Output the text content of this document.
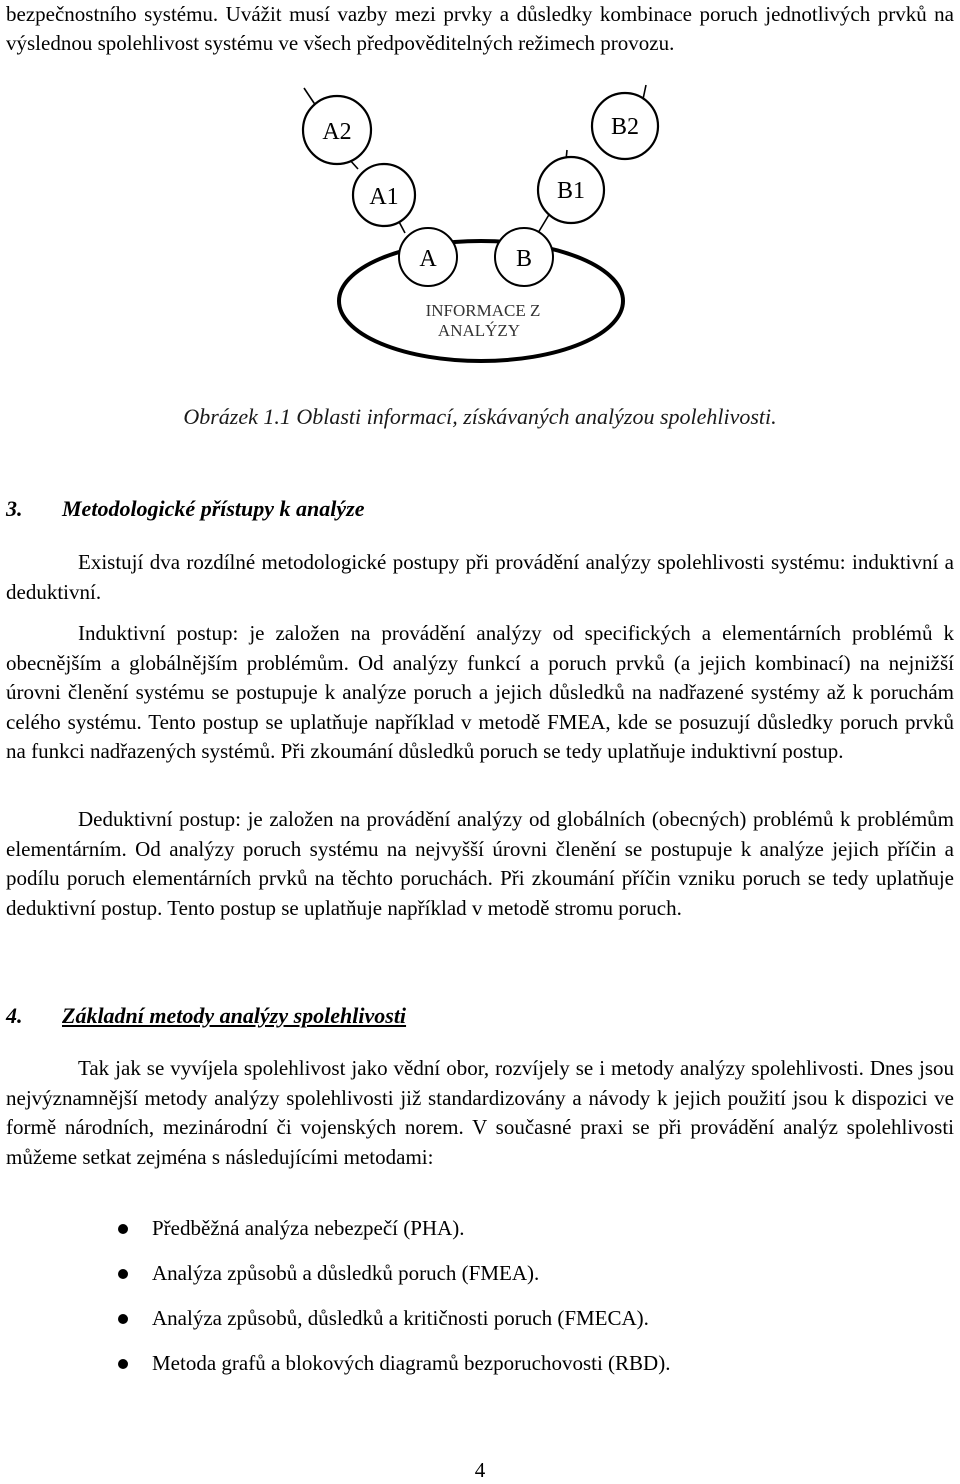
bezpečnostního systému. Uvážit musí vazby mezi prvky a důsledky kombinace poruch jednotlivých prvků na výslednou spolehlivost systému ve všech předpověditelných režimech provozu.

A2	B2
A1	B1
A	B
INFORMACE Z
ANALÝZY
Obrázek 1.1 Oblasti informací, získávaných analýzou spolehlivosti.
3. Metodologické přístupy k analýze

Existují dva rozdílné metodologické postupy při provádění analýzy spolehlivosti systému: induktivní a deduktivní.

Induktivní postup: je založen na provádění analýzy od specifických a elementárních problémů k obecnějším a globálnějším problémům. Od analýzy funkcí a poruch prvků (a jejich kombinací) na nejnižší úrovni členění systému se postupuje k analýze poruch a jejich důsledků na nadřazené systémy až k poruchám celého systému. Tento postup se uplatňuje například v metodě FMEA, kde se posuzují důsledky poruch prvků na funkci nadřazených systémů. Při zkoumání důsledků poruch se tedy uplatňuje induktivní postup.

Deduktivní postup: je založen na provádění analýzy od globálních (obecných) problémů k problémům elementárním. Od analýzy poruch systému na nejvyšší úrovni členění se postupuje k analýze jejich příčin a podílu poruch elementárních prvků na těchto poruchách. Při zkoumání příčin vzniku poruch se tedy uplatňuje deduktivní postup. Tento postup se uplatňuje například v metodě stromu poruch.

4. Základní metody analýzy spolehlivosti

Tak jak se vyvíjela spolehlivost jako vědní obor, rozvíjely se i metody analýzy spolehlivosti. Dnes jsou nejvýznamnější metody analýzy spolehlivosti již standardizovány a návody k jejich použití jsou k dispozici ve formě národních, mezinárodní či vojenských norem. V současné praxi se při provádění analýz spolehlivosti můžeme setkat zejména s následujícími metodami:

Předběžná analýza nebezpečí (PHA).
Analýza způsobů a důsledků poruch (FMEA).
Analýza způsobů, důsledků a kritičnosti poruch (FMECA).
Metoda grafů a blokových diagramů bezporuchovosti (RBD).
4
